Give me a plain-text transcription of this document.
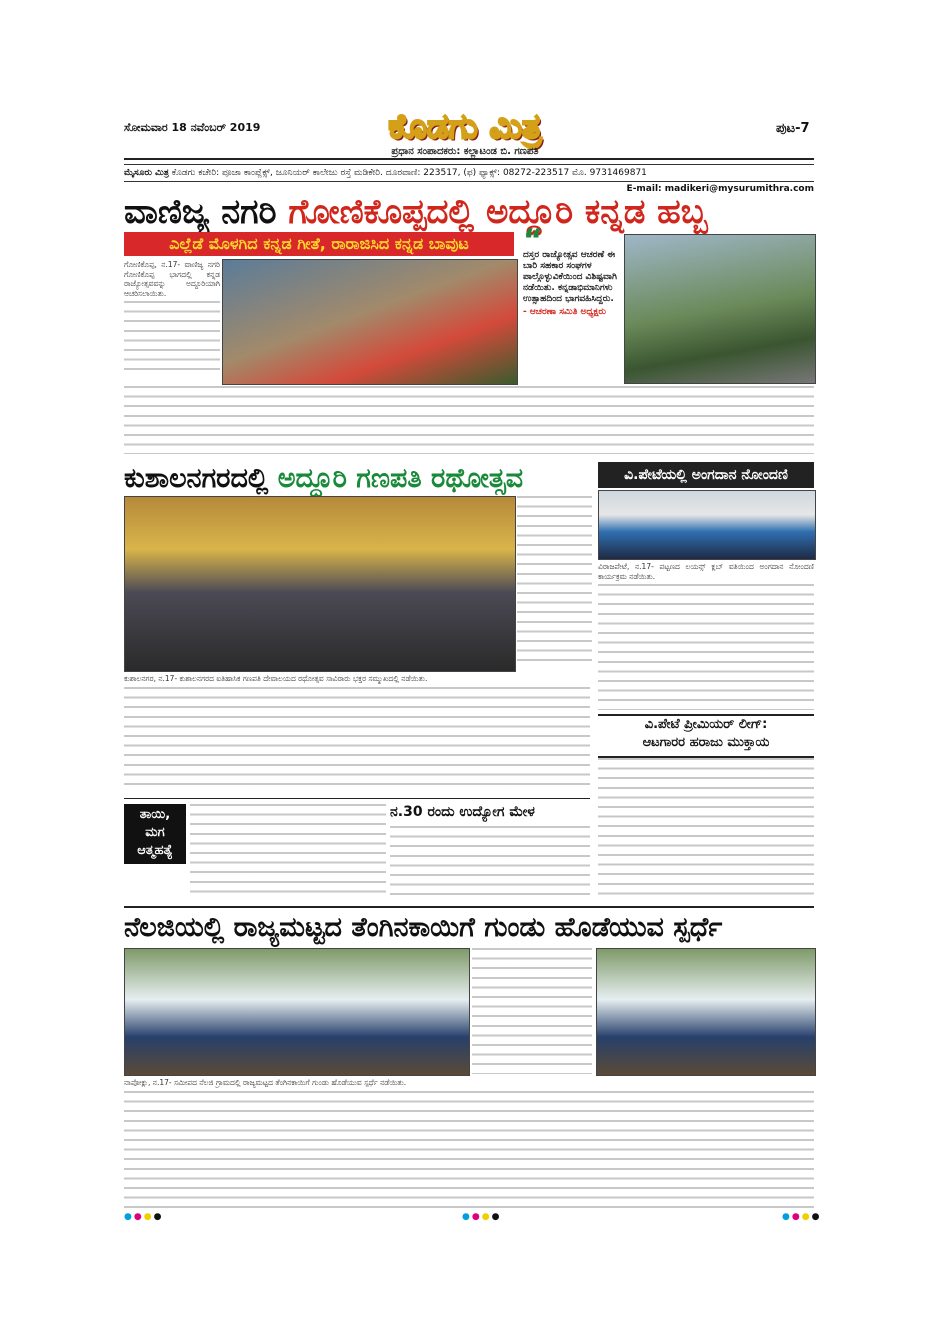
ಸೋಮವಾರ 18 ನವೆಂಬರ್ 2019	ಕೊಡಗು ಮಿತ್ರ
ಪ್ರಧಾನ ಸಂಪಾದಕರು: ಕಲ್ಲಾಟಂಡ ಬಿ. ಗಣಪತಿ
ಪುಟ-7
ಮೈಸೂರು ಮಿತ್ರ ಕೊಡಗು ಕಚೇರಿ: ಪೂಜಾ ಕಾಂಪ್ಲೆಕ್ಸ್, ಜೂನಿಯರ್ ಕಾಲೇಜು ರಸ್ತೆ ಮಡಿಕೇರಿ. ದೂರವಾಣಿ: 223517, (ಫ) ಫ್ಯಾಕ್ಸ್: 08272-223517 ಮೊ. 9731469871
E-mail: madikeri@mysurumithra.com
ವಾಣಿಜ್ಯ ನಗರಿ ಗೋಣಿಕೊಪ್ಪದಲ್ಲಿ ಅದ್ದೂರಿ ಕನ್ನಡ ಹಬ್ಬ
ಎಲ್ಲೆಡೆ ಮೊಳಗಿದ ಕನ್ನಡ ಗೀತೆ, ರಾರಾಜಿಸಿದ ಕನ್ನಡ ಬಾವುಟ
ಗೋಣಿಕೊಪ್ಪ, ನ.17- ವಾಣಿಜ್ಯ ನಗರಿ ಗೋಣಿಕೊಪ್ಪ ಭಾಗದಲ್ಲಿ ಕನ್ನಡ ರಾಜ್ಯೋತ್ಸವವನ್ನು ಅದ್ದೂರಿಯಾಗಿ ಆಚರಿಸಲಾಯಿತು.
“
ದಸ್ತರ ರಾಜ್ಯೋತ್ಸವ ಆಚರಣೆ ಈ ಬಾರಿ ಸಹಕಾರ ಸಂಘಗಳ ಪಾಲ್ಗೊಳ್ಳುವಿಕೆಯಿಂದ ವಿಶಿಷ್ಟವಾಗಿ ನಡೆಯಿತು. ಕನ್ನಡಾಭಿಮಾನಿಗಳು ಉತ್ಸಾಹದಿಂದ ಭಾಗವಹಿಸಿದ್ದರು.
- ಆಚರಣಾ ಸಮಿತಿ ಅಧ್ಯಕ್ಷರು
ಕುಶಾಲನಗರದಲ್ಲಿ ಅದ್ದೂರಿ ಗಣಪತಿ ರಥೋತ್ಸವ
ಕುಶಾಲನಗರ, ನ.17- ಕುಶಾಲನಗರದ ಐತಿಹಾಸಿಕ ಗಣಪತಿ ದೇವಾಲಯದ ರಥೋತ್ಸವ ಸಾವಿರಾರು ಭಕ್ತರ ಸಮ್ಮುಖದಲ್ಲಿ ನಡೆಯಿತು.
ವಿ.ಪೇಟೆಯಲ್ಲಿ ಅಂಗದಾನ ನೋಂದಣಿ
ವಿರಾಜಪೇಟೆ, ನ.17- ಪಟ್ಟಣದ ಲಯನ್ಸ್ ಕ್ಲಬ್ ವತಿಯಿಂದ ಅಂಗದಾನ ನೋಂದಣಿ ಕಾರ್ಯಕ್ರಮ ನಡೆಯಿತು.
ವಿ.ಪೇಟೆ ಪ್ರೀಮಿಯರ್ ಲೀಗ್:
ಆಟಗಾರರ ಹರಾಜು ಮುಕ್ತಾಯ
ತಾಯಿ,
ಮಗ
ಆತ್ಮಹತ್ಯೆ
ನ.30 ರಂದು ಉದ್ಯೋಗ ಮೇಳ
ನೆಲಜಿಯಲ್ಲಿ ರಾಜ್ಯಮಟ್ಟದ ತೆಂಗಿನಕಾಯಿಗೆ ಗುಂಡು ಹೊಡೆಯುವ ಸ್ಪರ್ಧೆ
ನಾಪೋಕ್ಲು, ನ.17- ಸಮೀಪದ ನೆಲಜಿ ಗ್ರಾಮದಲ್ಲಿ ರಾಜ್ಯಮಟ್ಟದ ತೆಂಗಿನಕಾಯಿಗೆ ಗುಂಡು ಹೊಡೆಯುವ ಸ್ಪರ್ಧೆ ನಡೆಯಿತು.
●●●●	●●●●	●●●●
